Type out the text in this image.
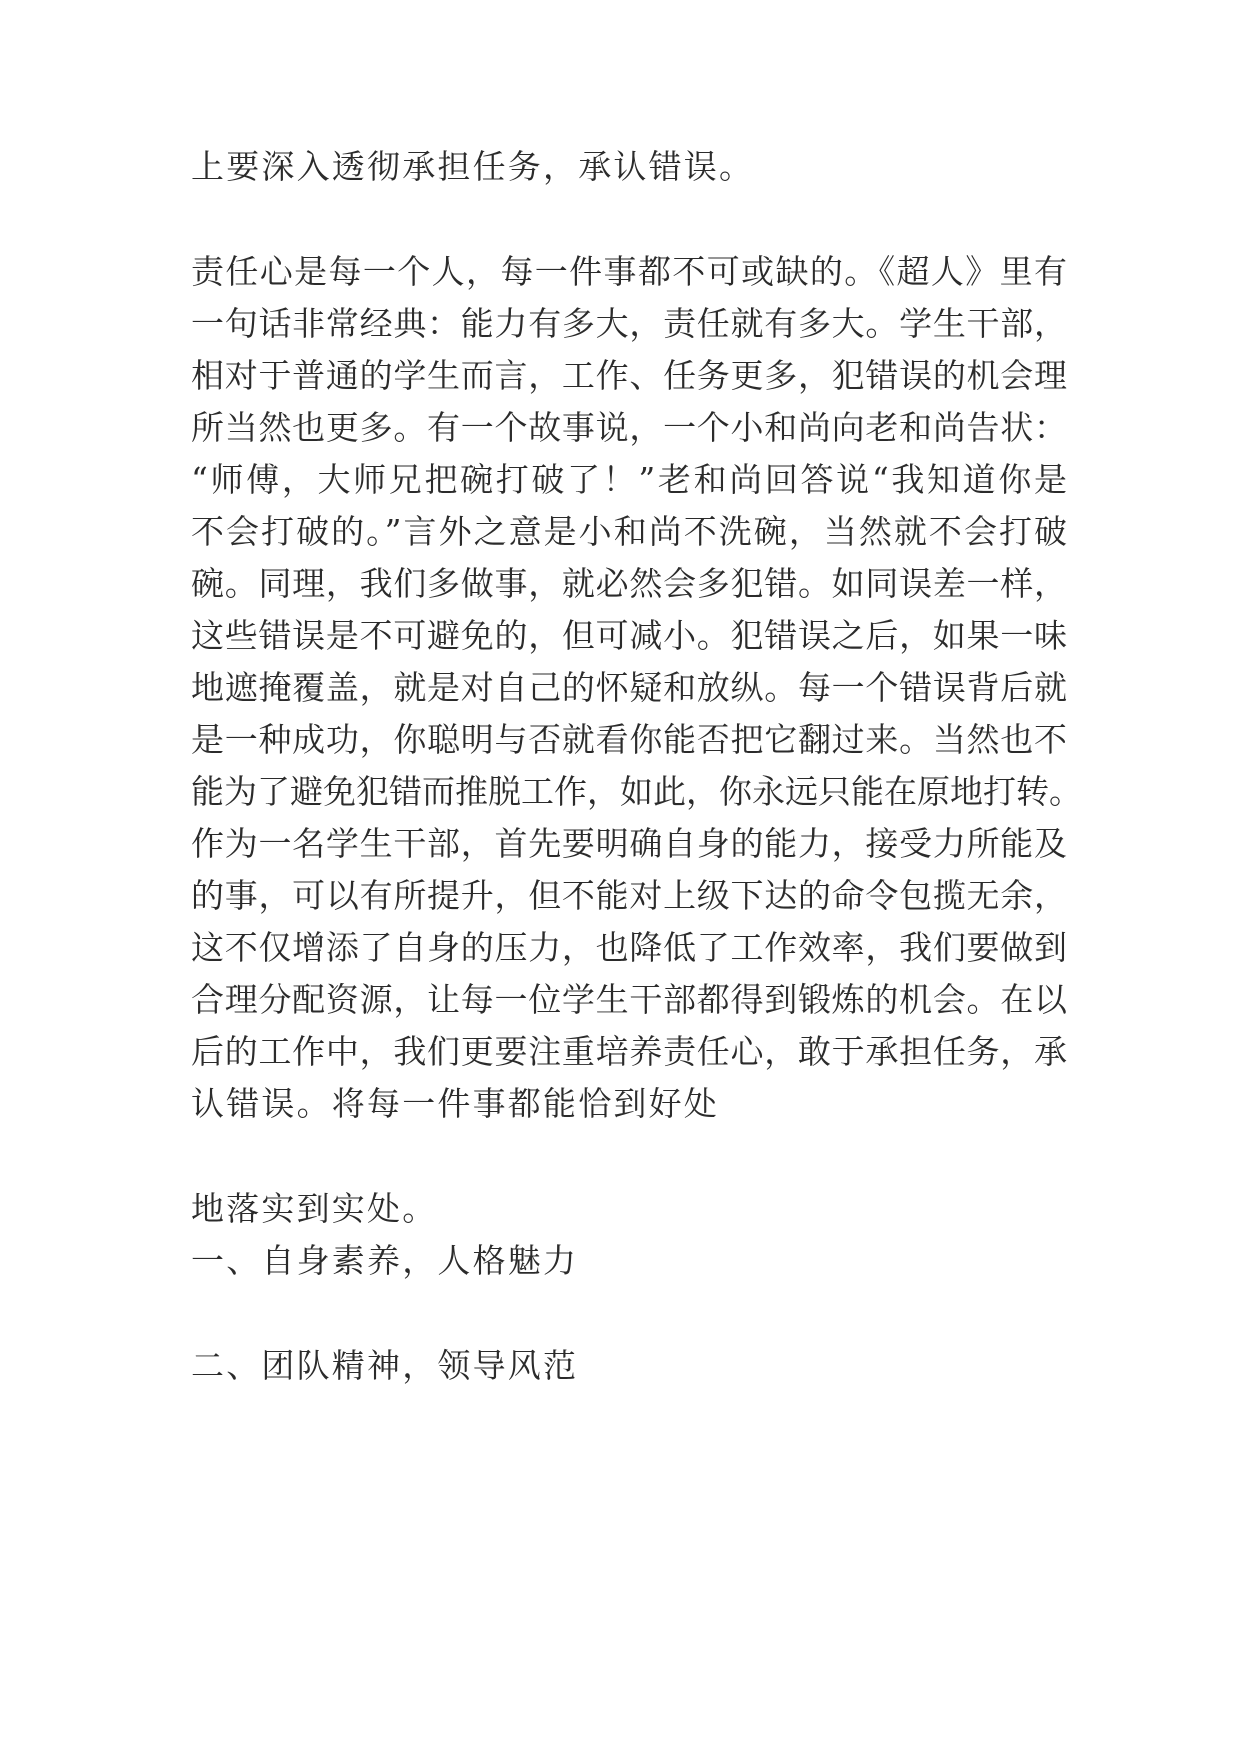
上要深入透彻承担任务，承认错误。
责任心是每一个人，每一件事都不可或缺的。《超人》里有
一句话非常经典：能力有多大，责任就有多大。学生干部，
相对于普通的学生而言，工作、任务更多，犯错误的机会理
所当然也更多。有一个故事说，一个小和尚向老和尚告状：
“师傅，大师兄把碗打破了！”老和尚回答说“我知道你是
不会打破的。”言外之意是小和尚不洗碗，当然就不会打破
碗。同理，我们多做事，就必然会多犯错。如同误差一样，
这些错误是不可避免的，但可减小。犯错误之后，如果一味
地遮掩覆盖，就是对自己的怀疑和放纵。每一个错误背后就
是一种成功，你聪明与否就看你能否把它翻过来。当然也不
能为了避免犯错而推脱工作，如此，你永远只能在原地打转。
作为一名学生干部，首先要明确自身的能力，接受力所能及
的事，可以有所提升，但不能对上级下达的命令包揽无余，
这不仅增添了自身的压力，也降低了工作效率，我们要做到
合理分配资源，让每一位学生干部都得到锻炼的机会。在以
后的工作中，我们更要注重培养责任心，敢于承担任务，承
认错误。将每一件事都能恰到好处
地落实到实处。
一、自身素养，人格魅力
二、团队精神，领导风范
